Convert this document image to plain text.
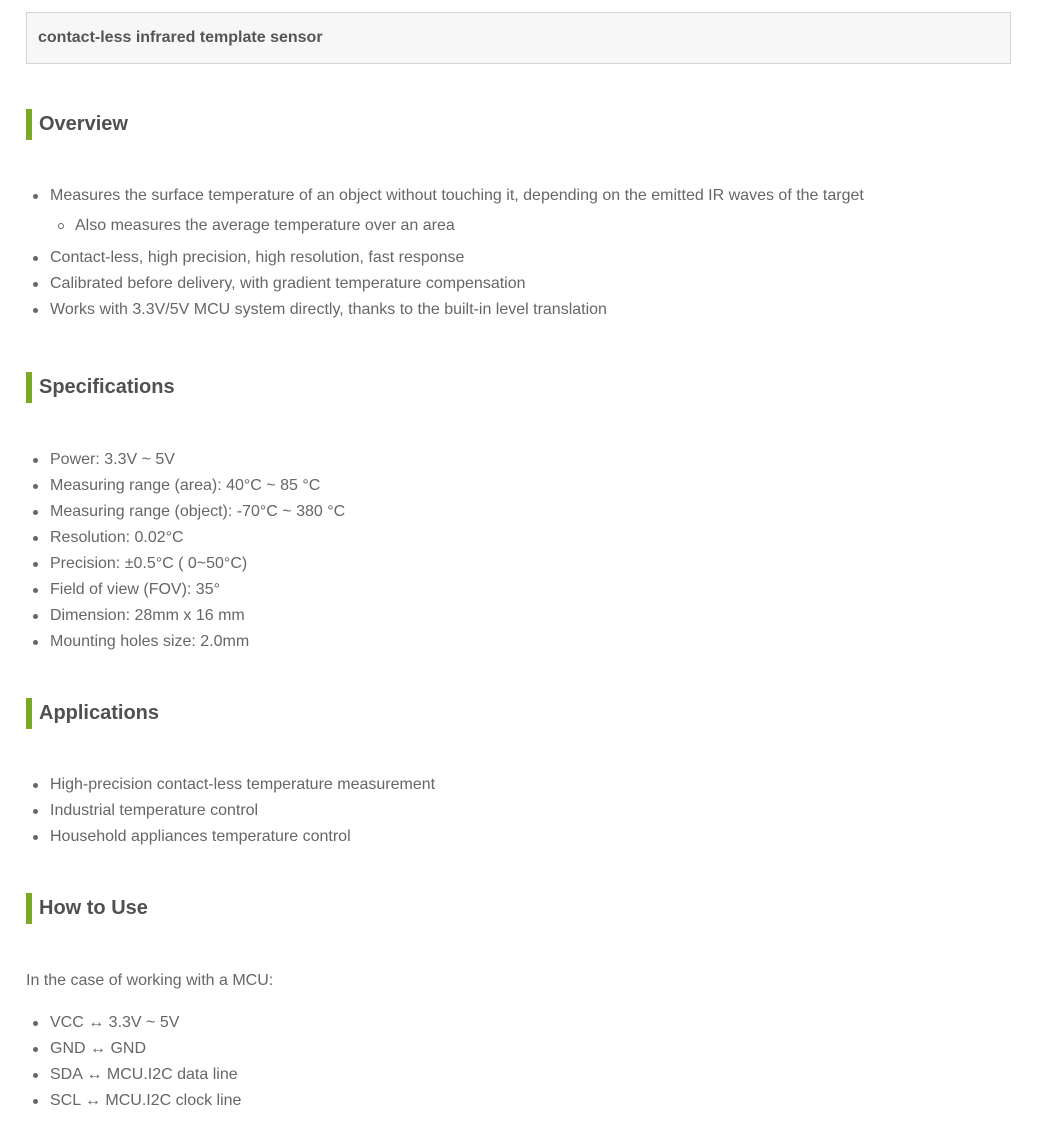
contact-less infrared template sensor
Overview
Measures the surface temperature of an object without touching it, depending on the emitted IR waves of the target
Also measures the average temperature over an area
Contact-less, high precision, high resolution, fast response
Calibrated before delivery, with gradient temperature compensation
Works with 3.3V/5V MCU system directly, thanks to the built-in level translation
Specifications
Power: 3.3V ~ 5V
Measuring range (area): 40°C ~ 85 °C
Measuring range (object): -70°C ~ 380 °C
Resolution: 0.02°C
Precision: ±0.5°C ( 0~50°C)
Field of view (FOV): 35°
Dimension: 28mm x 16 mm
Mounting holes size: 2.0mm
Applications
High-precision contact-less temperature measurement
Industrial temperature control
Household appliances temperature control
How to Use
In the case of working with a MCU:
VCC ↔ 3.3V ~ 5V
GND ↔ GND
SDA ↔ MCU.I2C data line
SCL ↔ MCU.I2C clock line
